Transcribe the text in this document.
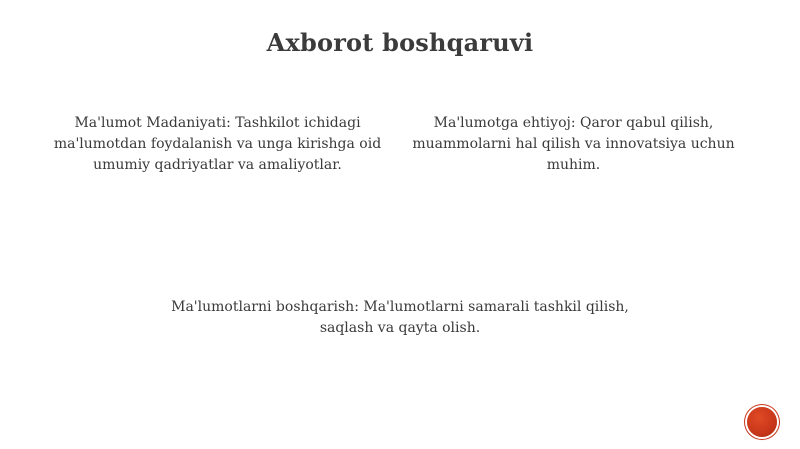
Axborot boshqaruvi
Ma'lumot Madaniyati: Tashkilot ichidagi ma'lumotdan foydalanish va unga kirishga oid umumiy qadriyatlar va amaliyotlar.
Ma'lumotga ehtiyoj: Qaror qabul qilish, muammolarni hal qilish va innovatsiya uchun muhim.
Ma'lumotlarni boshqarish: Ma'lumotlarni samarali tashkil qilish, saqlash va qayta olish.
